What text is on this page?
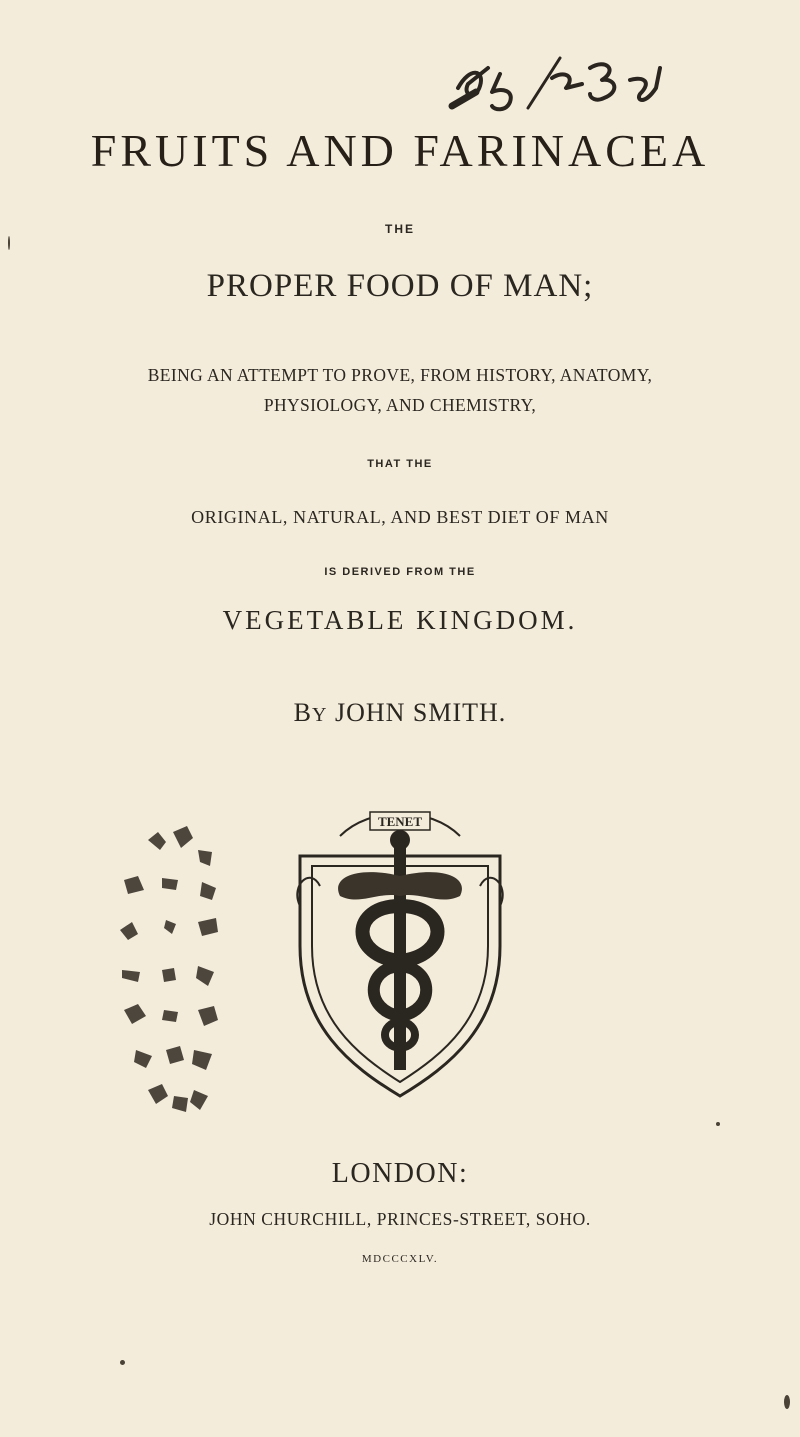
FRUITS AND FARINACEA
THE
PROPER FOOD OF MAN;
BEING AN ATTEMPT TO PROVE, FROM HISTORY, ANATOMY,
PHYSIOLOGY, AND CHEMISTRY,
THAT THE
ORIGINAL, NATURAL, AND BEST DIET OF MAN
IS DERIVED FROM THE
VEGETABLE KINGDOM.
BY JOHN SMITH.
TENET
LONDON:
JOHN CHURCHILL, PRINCES-STREET, SOHO.
MDCCCXLV.
